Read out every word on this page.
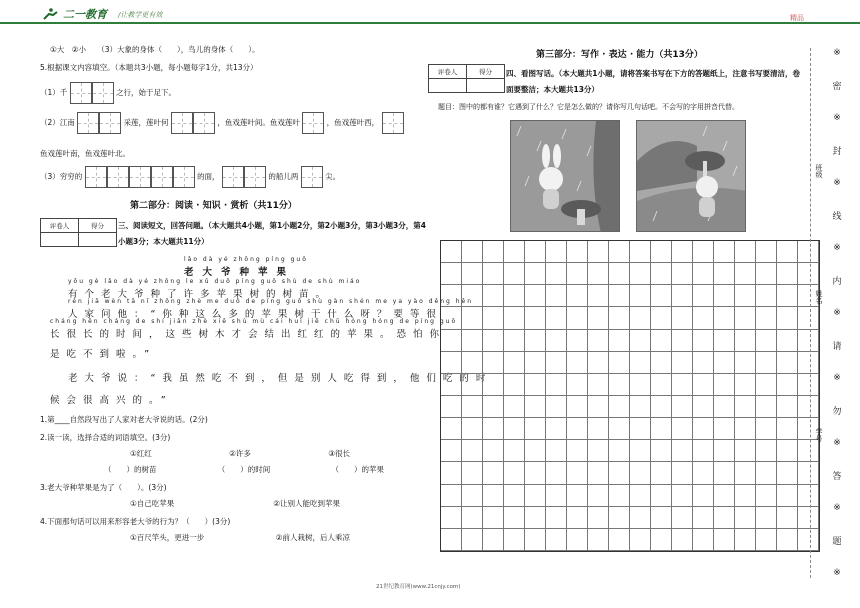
二一教育 /让教学更有效	精品
①大　②小　　（3）大象的身体（　　），鸟儿的身体（　　）。
5.根据课文内容填空。（本题共3小题，每小题每字1分，共13分）
（1）千	之行，始于足下。
（2）江南	采莲，莲叶何	，鱼戏莲叶间。鱼戏莲叶	，鱼戏莲叶西，
鱼戏莲叶南，鱼戏莲叶北。
（3）穷穷的	的面，	的船儿两	尖。
第二部分：阅读 · 知识 · 赏析（共11分）
评卷人	得分
	三、阅读短文，回答问题。（本大题共4小题，第1小题2分，第2小题3分，第3小题3分，第4小题3分；本大题共11分）
lǎo dà yé zhǒng píng guǒ
老大爷种苹果
yǒu gè lǎo dà yé zhǒng le xǔ duō píng guǒ shù de shù miáo
有个老大爷种了许多苹果树的树苗。
rén jiā wèn tā nǐ zhǒng zhè me duō de píng guǒ shù gàn shén me ya yào děng hěn
人家问他：“你种这么多的苹果树干什么呀？要等很
cháng hěn cháng de shí jiān zhè xiē shù mù cái huì jiē chū hóng hóng de píng guǒ
长很长的时间，这些树木才会结出红红的苹果。恐怕你
是吃不到啦。”
老大爷说：“我虽然吃不到，但是别人吃得到，他们吃的时
候会很高兴的。”
1.第____自然段写出了人家对老大爷说的话。(2分)
2.读一读，选择合适的词语填空。(3分)
①红红	②许多	③很长
（　　）的树苗	（　　）的时间	（　　）的苹果
3.老大爷种苹果是为了（　　）。(3分)
①自己吃苹果	②让别人能吃到苹果
4.下面那句话可以用来形容老大爷的行为？（　　）(3分)
①百尺竿头，更进一步	②前人栽树，后人乘凉
第三部分：写作 · 表达 · 能力（共13分）
评卷人	得分
	四、看图写话。（本大题共1小题，请将答案书写在下方的答题纸上，注意书写要清洁，卷面要整洁；本大题共13分）
题目：图中的都有谁？它遇到了什么？它是怎么做的？请你写几句话吧。不会写的字用拼音代替。
※
密
※
封
※
线
※
内
※
请
※
勿
※
答
※
题
※
班级
姓名
学号
21世纪教育网(www.21cnjy.com)
